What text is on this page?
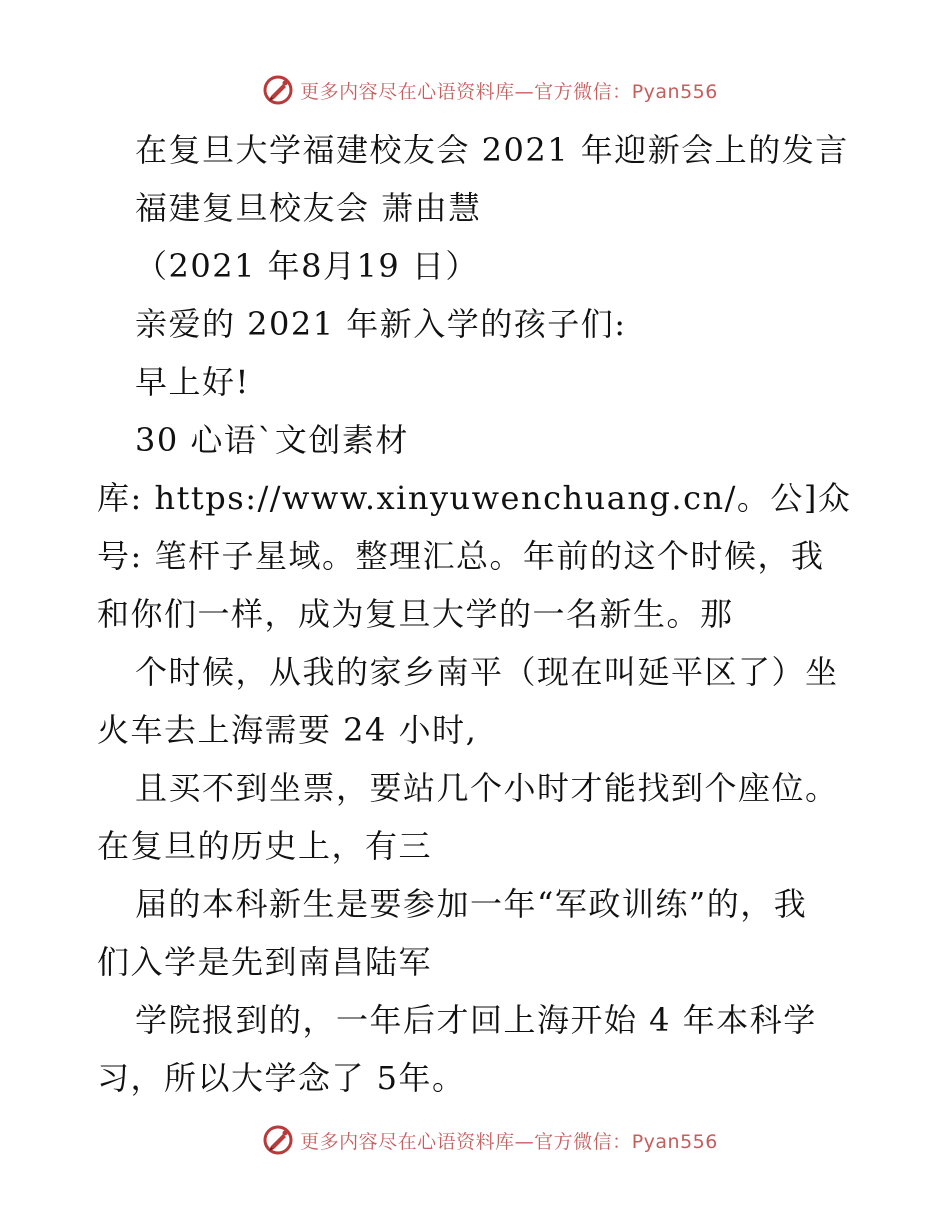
更多内容尽在心语资料库—官方微信：Pyan556
在复旦大学福建校友会 2021 年迎新会上的发言
福建复旦校友会 萧由慧
（2021 年8月19 日）
亲爱的 2021 年新入学的孩子们:
早上好!
30 心语`文创素材
库: https://www.xinyuwenchuang.cn/。公]众
号: 笔杆子星域。整理汇总。年前的这个时候，我
和你们一样，成为复旦大学的一名新生。那
个时候，从我的家乡南平（现在叫延平区了）坐
火车去上海需要 24 小时,
且买不到坐票，要站几个小时才能找到个座位。
在复旦的历史上，有三
届的本科新生是要参加一年“军政训练”的，我
们入学是先到南昌陆军
学院报到的，一年后才回上海开始 4 年本科学
习，所以大学念了 5年。
更多内容尽在心语资料库—官方微信：Pyan556
